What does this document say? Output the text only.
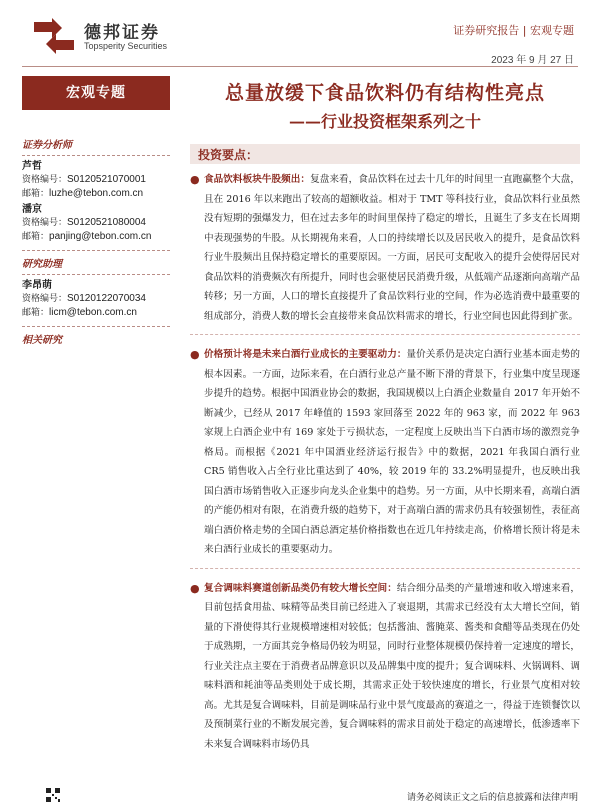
德邦证券
Topsperity Securities
证券研究报告 | 宏观专题
2023 年 9 月 27 日
宏观专题
证券分析师
芦哲
资格编号：S0120521070001
邮箱：luzhe@tebon.com.cn
潘京
资格编号：S0120521080004
邮箱：panjing@tebon.com.cn
研究助理
李昂萌
资格编号：S0120122070034
邮箱：licm@tebon.com.cn
相关研究
总量放缓下食品饮料仍有结构性亮点
——行业投资框架系列之十
投资要点：
● 食品饮料板块牛股频出：复盘来看，食品饮料在过去十几年的时间里一直跑赢整个大盘，且在 2016 年以来跑出了较高的超额收益。相对于 TMT 等科技行业，食品饮料行业虽然没有短期的强爆发力，但在过去多年的时间里保持了稳定的增长，且诞生了多支在长周期中表现强势的牛股。从长期视角来看，人口的持续增长以及居民收入的提升，是食品饮料行业牛股频出且保持稳定增长的重要原因。一方面，居民可支配收入的提升会使得居民对食品饮料的消费频次有所提升，同时也会驱使居民消费升级，从低端产品逐渐向高端产品转移；另一方面，人口的增长直接提升了食品饮料行业的空间，作为必选消费中最重要的组成部分，消费人数的增长会直接带来食品饮料需求的增长，行业空间也因此得到扩张。
● 价格预计将是未来白酒行业成长的主要驱动力：量价关系仍是决定白酒行业基本面走势的根本因素。一方面，边际来看，在白酒行业总产量不断下滑的背景下，行业集中度呈现逐步提升的趋势。根据中国酒业协会的数据，我国规模以上白酒企业数量自 2017 年开始不断减少，已经从 2017 年峰值的 1593 家回落至 2022 年的 963 家，而 2022 年 963 家规上白酒企业中有 169 家处于亏损状态，一定程度上反映出当下白酒市场的激烈竞争格局。而根据《2021 年中国酒业经济运行报告》中的数据，2021 年我国白酒行业 CR5 销售收入占全行业比重达到了 40%，较 2019 年的 33.2%明显提升，也反映出我国白酒市场销售收入正逐步向龙头企业集中的趋势。另一方面，从中长期来看，高端白酒的产能仍相对有限，在消费升级的趋势下，对于高端白酒的需求仍具有较强韧性，表征高端白酒价格走势的全国白酒总酒定基价格指数也在近几年持续走高，价格增长预计将是未来白酒行业成长的重要驱动力。
● 复合调味料赛道创新品类仍有较大增长空间：结合细分品类的产量增速和收入增速来看，目前包括食用盐、味精等品类目前已经进入了衰退期，其需求已经没有太大增长空间，销量的下滑使得其行业规模增速相对较低；包括酱油、酱腌菜、酱类和食醋等品类现在仍处于成熟期，一方面其竞争格局仍较为明显，同时行业整体规模仍保持着一定速度的增长，行业关注点主要在于消费者品牌意识以及品牌集中度的提升；复合调味料、火锅调料、调味料酒和耗油等品类则处于成长期，其需求正处于较快速度的增长，行业景气度相对较高。尤其是复合调味料，目前是调味品行业中景气度最高的赛道之一，得益于连锁餐饮以及预制菜行业的不断发展完善，复合调味料的需求目前处于稳定的高速增长，低渗透率下未来复合调味料市场仍具
请务必阅读正文之后的信息披露和法律声明
